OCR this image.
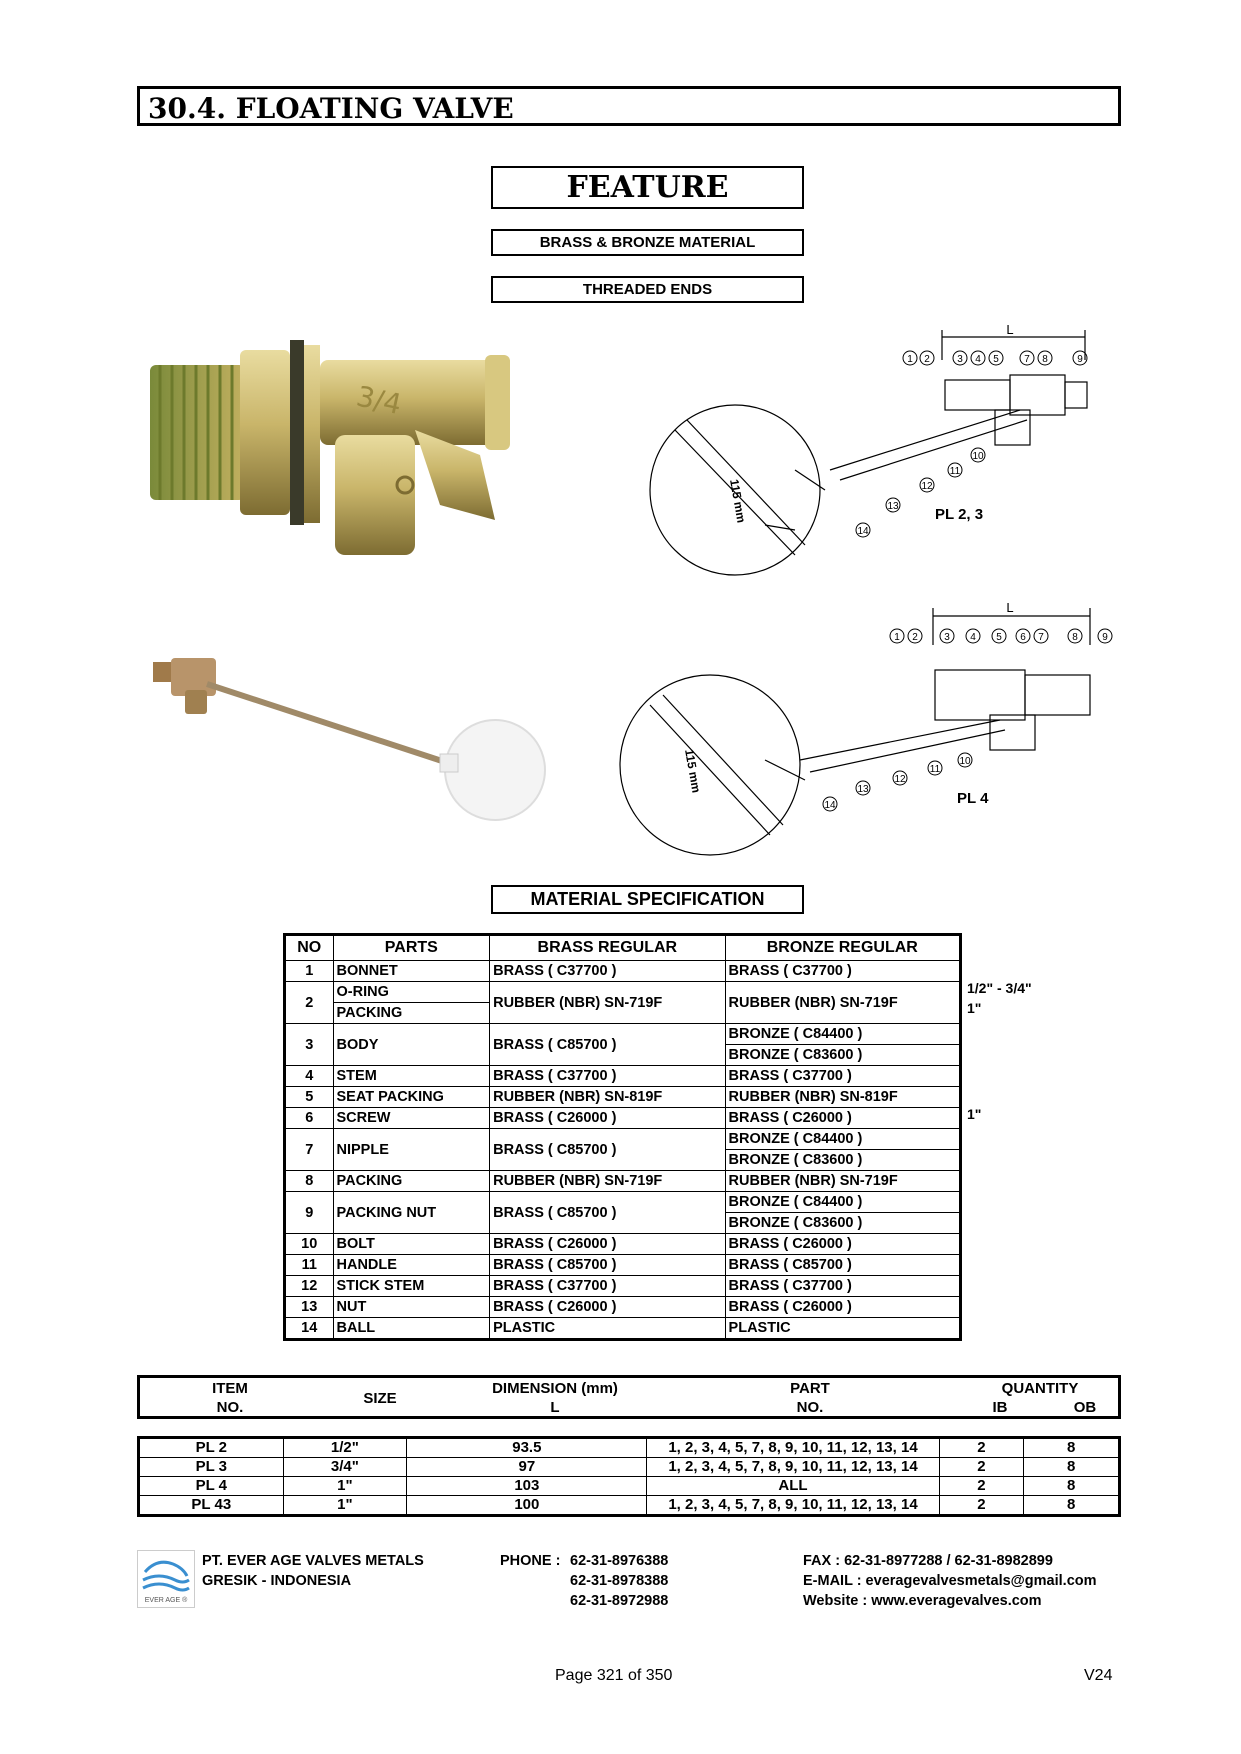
30.4. FLOATING VALVE
FEATURE
BRASS & BRONZE MATERIAL
THREADED ENDS
3/4
L
1 2	3 4 5	7 8	9
10
11
12
13
14
115 mm	PL 2, 3
L
1 2	3 4 5 6 7	8 9
10
11
12
13
14
115 mm
PL 4
MATERIAL SPECIFICATION
NO	PARTS	BRASS REGULAR	BRONZE REGULAR
1	BONNET	BRASS ( C37700 )	BRASS ( C37700 )
2	O-RING	RUBBER (NBR) SN-719F	RUBBER (NBR) SN-719F
	PACKING		
3	BODY	BRASS ( C85700 )	BRONZE ( C84400 )
			BRONZE ( C83600 )
4	STEM	BRASS ( C37700 )	BRASS ( C37700 )
5	SEAT PACKING	RUBBER (NBR) SN-819F	RUBBER (NBR) SN-819F
6	SCREW	BRASS ( C26000 )	BRASS ( C26000 )
7	NIPPLE	BRASS ( C85700 )	BRONZE ( C84400 )
			BRONZE ( C83600 )
8	PACKING	RUBBER (NBR) SN-719F	RUBBER (NBR) SN-719F
9	PACKING NUT	BRASS ( C85700 )	BRONZE ( C84400 )
			BRONZE ( C83600 )
10	BOLT	BRASS ( C26000 )	BRASS ( C26000 )
11	HANDLE	BRASS ( C85700 )	BRASS ( C85700 )
12	STICK STEM	BRASS ( C37700 )	BRASS ( C37700 )
13	NUT	BRASS ( C26000 )	BRASS ( C26000 )
14	BALL	PLASTIC	PLASTIC
1/2" - 3/4"
1"
1"
ITEM
NO.
SIZE
DIMENSION (mm)
L
PART
NO.
QUANTITY
IB	OB
PL 2	1/2"	93.5	1, 2, 3, 4, 5, 7, 8, 9, 10, 11, 12, 13, 14	2	8
PL 3	3/4"	97	1, 2, 3, 4, 5, 7, 8, 9, 10, 11, 12, 13, 14	2	8
PL 4	1"	103	ALL	2	8
PL 43	1"	100	1, 2, 3, 4, 5, 7, 8, 9, 10, 11, 12, 13, 14	2	8
EVER AGE ®
PT. EVER AGE VALVES METALS
GRESIK - INDONESIA
PHONE : 62-31-8976388
62-31-8978388
62-31-8972988
FAX : 62-31-8977288 / 62-31-8982899
E-MAIL : everagevalvesmetals@gmail.com
Website : www.everagevalves.com
Page 321 of 350	V24
